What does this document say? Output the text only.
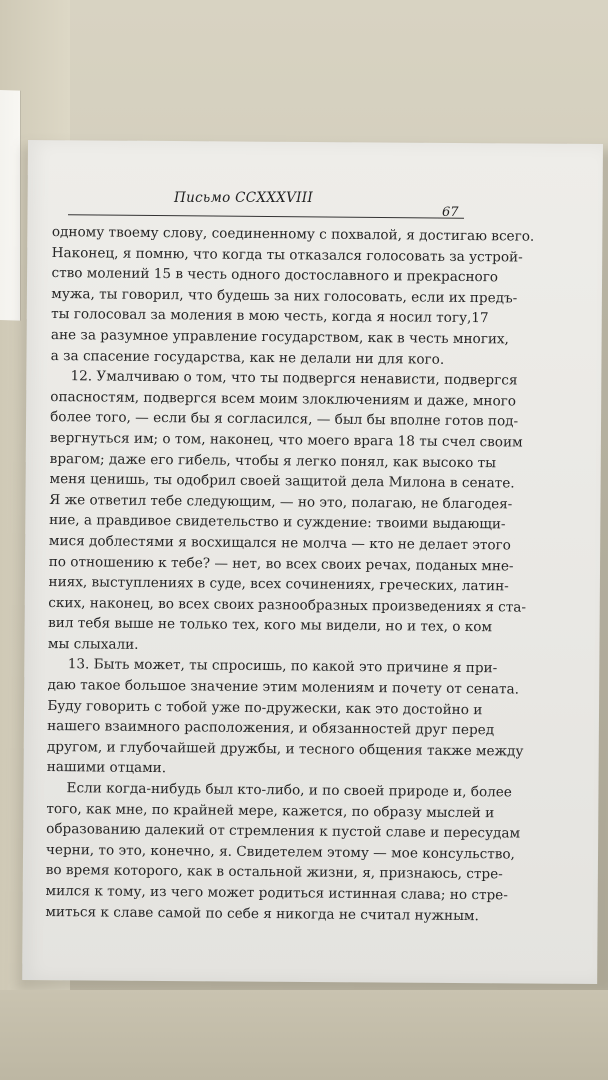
Письмо CCXXXVIII
67
одному твоему слову, соединенному с похвалой, я достигаю всего.
Наконец, я помню, что когда ты отказался голосовать за устрой-
ство молений 15 в честь одного достославного и прекрасного
мужа, ты говорил, что будешь за них голосовать, если их предъ-
ты голосовал за моления в мою честь, когда я носил тогу,17
ане за разумное управление государством, как в честь многих,
а за спасение государства, как не делали ни для кого.
12. Умалчиваю о том, что ты подвергся ненависти, подвергся
опасностям, подвергся всем моим злоключениям и даже, много
более того, — если бы я согласился, — был бы вполне готов под-
вергнуться им; о том, наконец, что моего врага 18 ты счел своим
врагом; даже его гибель, чтобы я легко понял, как высоко ты
меня ценишь, ты одобрил своей защитой дела Милона в сенате.
Я же ответил тебе следующим, — но это, полагаю, не благодея-
ние, а правдивое свидетельство и суждение: твоими выдающи-
мися доблестями я восхищался не молча — кто не делает этого
по отношению к тебе? — нет, во всех своих речах, поданых мне-
ниях, выступлениях в суде, всех сочинениях, греческих, латин-
ских, наконец, во всех своих разнообразных произведениях я ста-
вил тебя выше не только тех, кого мы видели, но и тех, о ком
мы слыхали.
13. Быть может, ты спросишь, по какой это причине я при-
даю такое большое значение этим молениям и почету от сената.
Буду говорить с тобой уже по-дружески, как это достойно и
нашего взаимного расположения, и обязанностей друг перед
другом, и глубочайшей дружбы, и тесного общения также между
нашими отцами.
Если когда-нибудь был кто-либо, и по своей природе и, более
того, как мне, по крайней мере, кажется, по образу мыслей и
образованию далекий от стремления к пустой славе и пересудам
черни, то это, конечно, я. Свидетелем этому — мое консульство,
во время которого, как в остальной жизни, я, признаюсь, стре-
мился к тому, из чего может родиться истинная слава; но стре-
миться к славе самой по себе я никогда не считал нужным.
